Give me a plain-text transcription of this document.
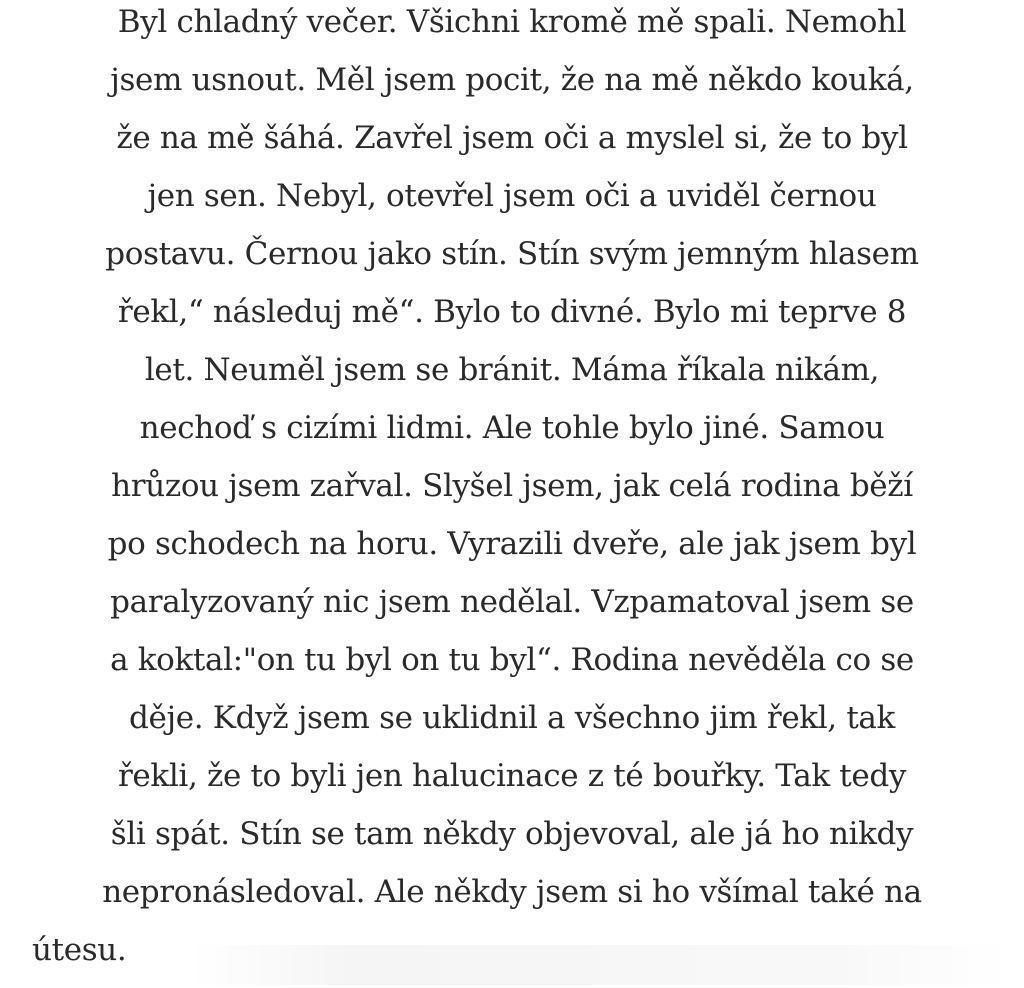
Byl chladný večer. Všichni kromě mě spali. Nemohl
jsem usnout. Měl jsem pocit, že na mě někdo kouká,
že na mě šáhá. Zavřel jsem oči a myslel si, že to byl
jen sen. Nebyl, otevřel jsem oči a uviděl černou
postavu. Černou jako stín. Stín svým jemným hlasem
řekl,“ následuj mě“. Bylo to divné. Bylo mi teprve 8
let. Neuměl jsem se bránit. Máma říkala nikám,
nechoď s cizími lidmi. Ale tohle bylo jiné. Samou
hrůzou jsem zařval. Slyšel jsem, jak celá rodina běží
po schodech na horu. Vyrazili dveře, ale jak jsem byl
paralyzovaný nic jsem nedělal. Vzpamatoval jsem se
a koktal:"on tu byl on tu byl“. Rodina nevěděla co se
děje. Když jsem se uklidnil a všechno jim řekl, tak
řekli, že to byli jen halucinace z té bouřky. Tak tedy
šli spát. Stín se tam někdy objevoval, ale já ho nikdy
nepronásledoval. Ale někdy jsem si ho všímal také na
útesu.
